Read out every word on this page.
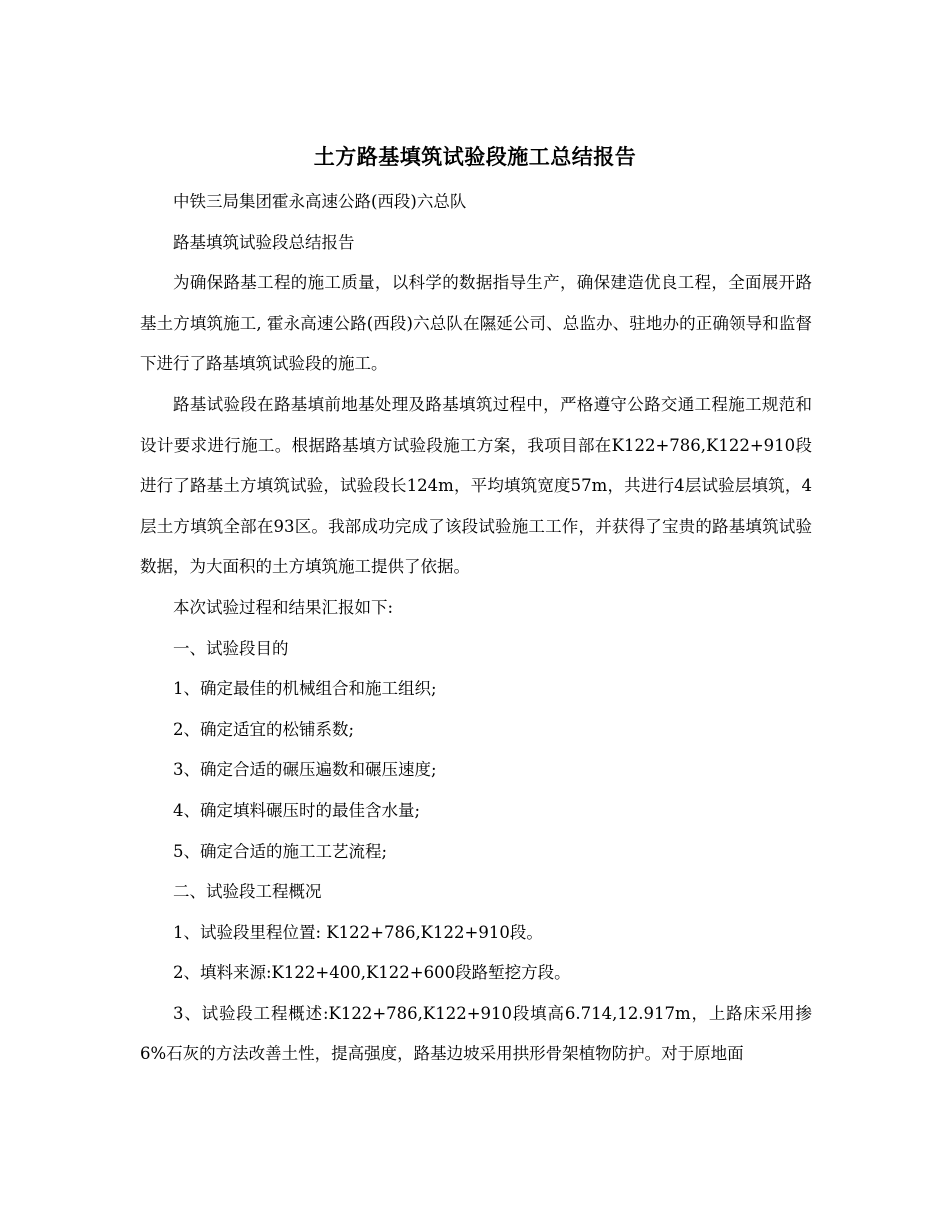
土方路基填筑试验段施工总结报告

中铁三局集团霍永高速公路(西段)六总队

路基填筑试验段总结报告

为确保路基工程的施工质量，以科学的数据指导生产，确保建造优良工程，全面展开路基土方填筑施工, 霍永高速公路(西段)六总队在隰延公司、总监办、驻地办的正确领导和监督下进行了路基填筑试验段的施工。

路基试验段在路基填前地基处理及路基填筑过程中，严格遵守公路交通工程施工规范和设计要求进行施工。根据路基填方试验段施工方案，我项目部在K122+786,K122+910段进行了路基土方填筑试验，试验段长124m，平均填筑宽度57m，共进行4层试验层填筑，4层土方填筑全部在93区。我部成功完成了该段试验施工工作，并获得了宝贵的路基填筑试验数据，为大面积的土方填筑施工提供了依据。

本次试验过程和结果汇报如下:

一、试验段目的

1、确定最佳的机械组合和施工组织;

2、确定适宜的松铺系数;

3、确定合适的碾压遍数和碾压速度;

4、确定填料碾压时的最佳含水量;

5、确定合适的施工工艺流程;

二、试验段工程概况

1、试验段里程位置: K122+786,K122+910段。

2、填料来源:K122+400,K122+600段路堑挖方段。

3、试验段工程概述:K122+786,K122+910段填高6.714,12.917m，上路床采用掺6%石灰的方法改善土性，提高强度，路基边坡采用拱形骨架植物防护。对于原地面
